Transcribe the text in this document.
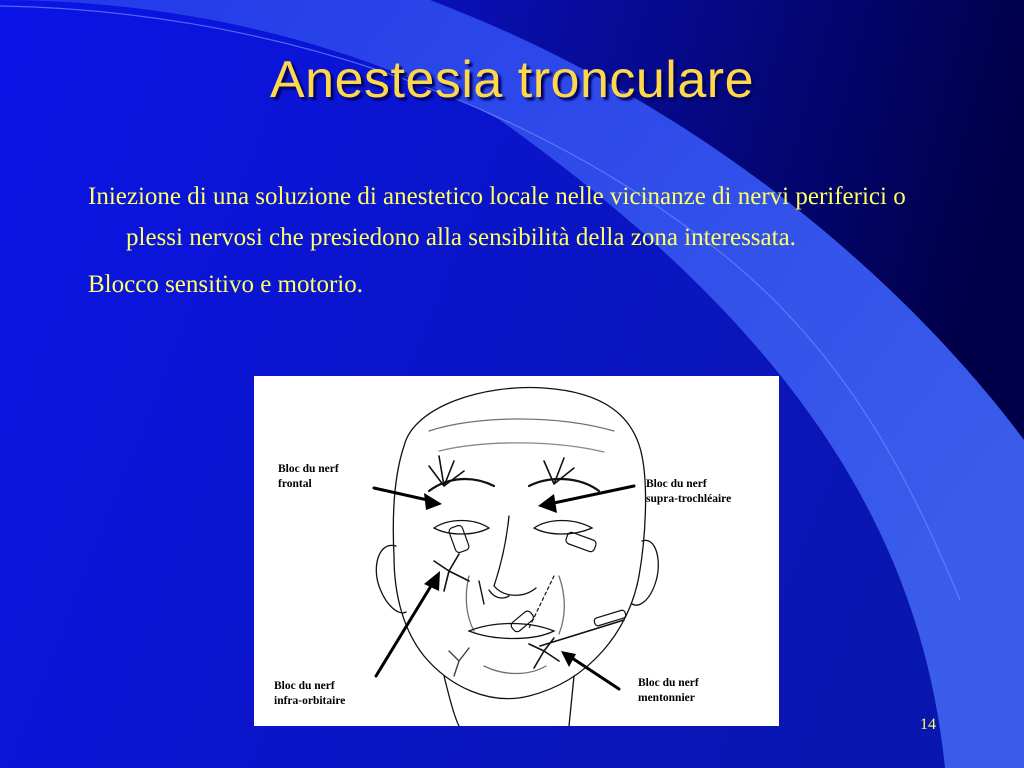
Anestesia tronculare

Iniezione di una soluzione di anestetico locale nelle vicinanze di nervi periferici o plessi nervosi che presiedono alla sensibilità della zona interessata.

Blocco sensitivo e motorio.

Bloc du nerf
frontal	Bloc du nerf
supra-trochléaire
Bloc du nerf
infra-orbitaire
Bloc du nerf
mentonnier
14
